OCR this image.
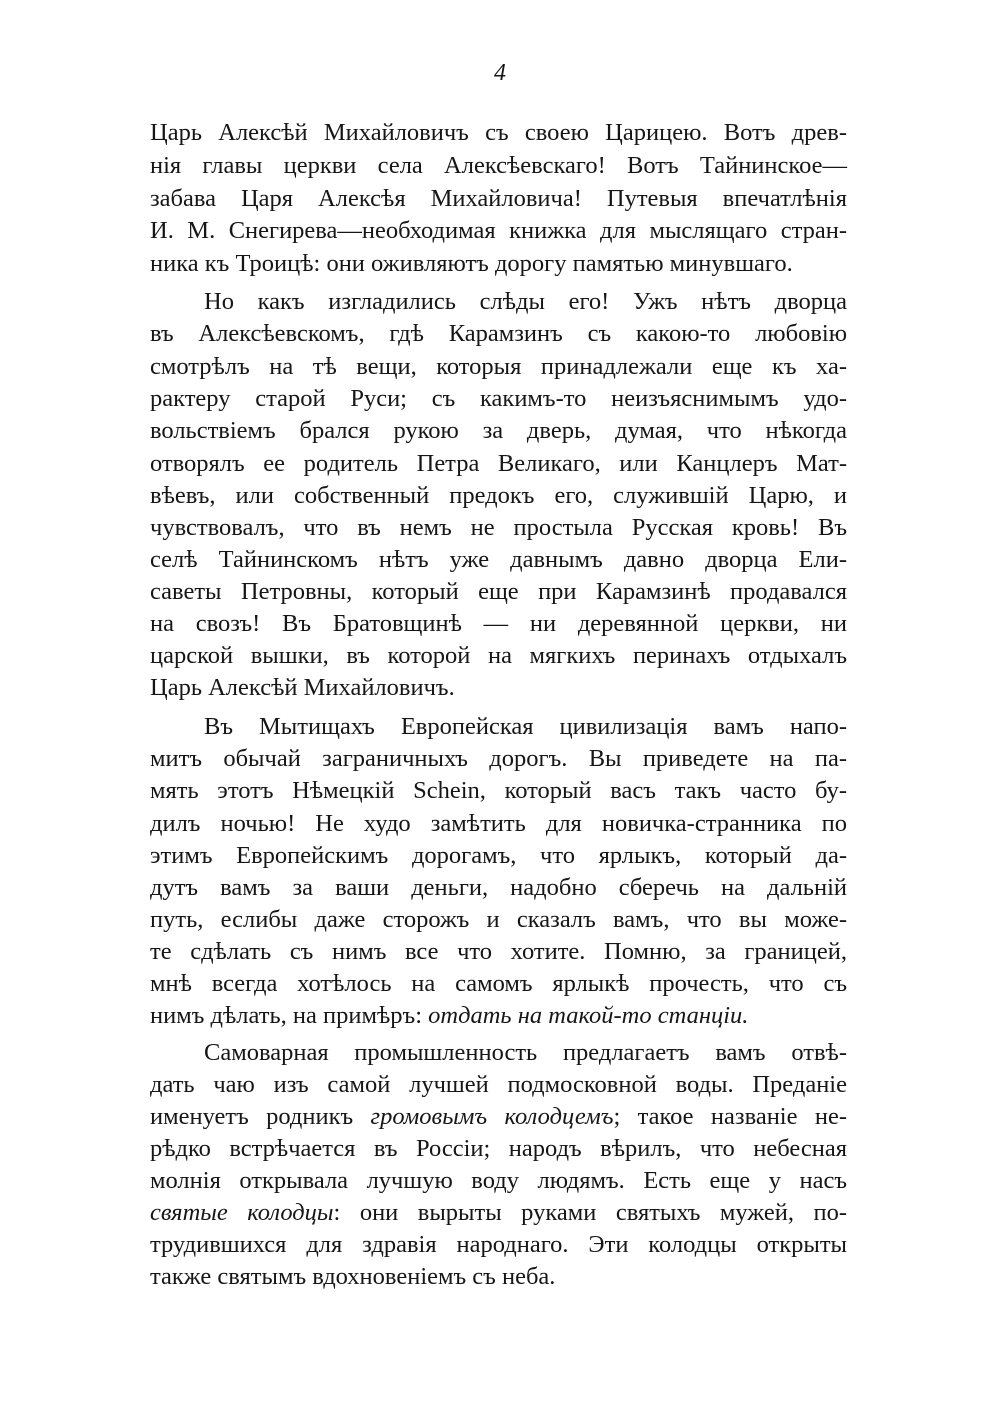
4
Царь Алексѣй Михайловичъ съ своею Царицею. Вотъ древ-
нія главы церкви села Алексѣевскаго! Вотъ Тайнинское—
забава Царя Алексѣя Михайловича! Путевыя впечатлѣнія
И. М. Снегирева—необходимая книжка для мыслящаго стран-
ника къ Троицѣ: они оживляютъ дорогу памятью минувшаго.
Но какъ изгладились слѣды его! Ужъ нѣтъ дворца
въ Алексѣевскомъ, гдѣ Карамзинъ съ какою-то любовію
смотрѣлъ на тѣ вещи, которыя принадлежали еще къ ха-
рактеру старой Руси; съ какимъ-то неизъяснимымъ удо-
вольствіемъ брался рукою за дверь, думая, что нѣкогда
отворялъ ее родитель Петра Великаго, или Канцлеръ Мат-
вѣевъ, или собственный предокъ его, служившій Царю, и
чувствовалъ, что въ немъ не простыла Русская кровь! Въ
селѣ Тайнинскомъ нѣтъ уже давнымъ давно дворца Ели-
саветы Петровны, который еще при Карамзинѣ продавался
на свозъ! Въ Братовщинѣ — ни деревянной церкви, ни
царской вышки, въ которой на мягкихъ перинахъ отдыхалъ
Царь Алексѣй Михайловичъ.
Въ Мытищахъ Европейская цивилизація вамъ напо-
митъ обычай заграничныхъ дорогъ. Вы приведете на па-
мять этотъ Нѣмецкій Schein, который васъ такъ часто бу-
дилъ ночью! Не худо замѣтить для новичка-странника по
этимъ Европейскимъ дорогамъ, что ярлыкъ, который да-
дутъ вамъ за ваши деньги, надобно сберечь на дальній
путь, еслибы даже сторожъ и сказалъ вамъ, что вы може-
те сдѣлать съ нимъ все что хотите. Помню, за границей,
мнѣ всегда хотѣлось на самомъ ярлыкѣ прочесть, что съ
нимъ дѣлать, на примѣръ: отдать на такой-то станціи.
Самоварная промышленность предлагаетъ вамъ отвѣ-
дать чаю изъ самой лучшей подмосковной воды. Преданіе
именуетъ родникъ громовымъ колодцемъ; такое названіе не-
рѣдко встрѣчается въ Россіи; народъ вѣрилъ, что небесная
молнія открывала лучшую воду людямъ. Есть еще у насъ
святые колодцы: они вырыты руками святыхъ мужей, по-
трудившихся для здравія народнаго. Эти колодцы открыты
также святымъ вдохновеніемъ съ неба.
